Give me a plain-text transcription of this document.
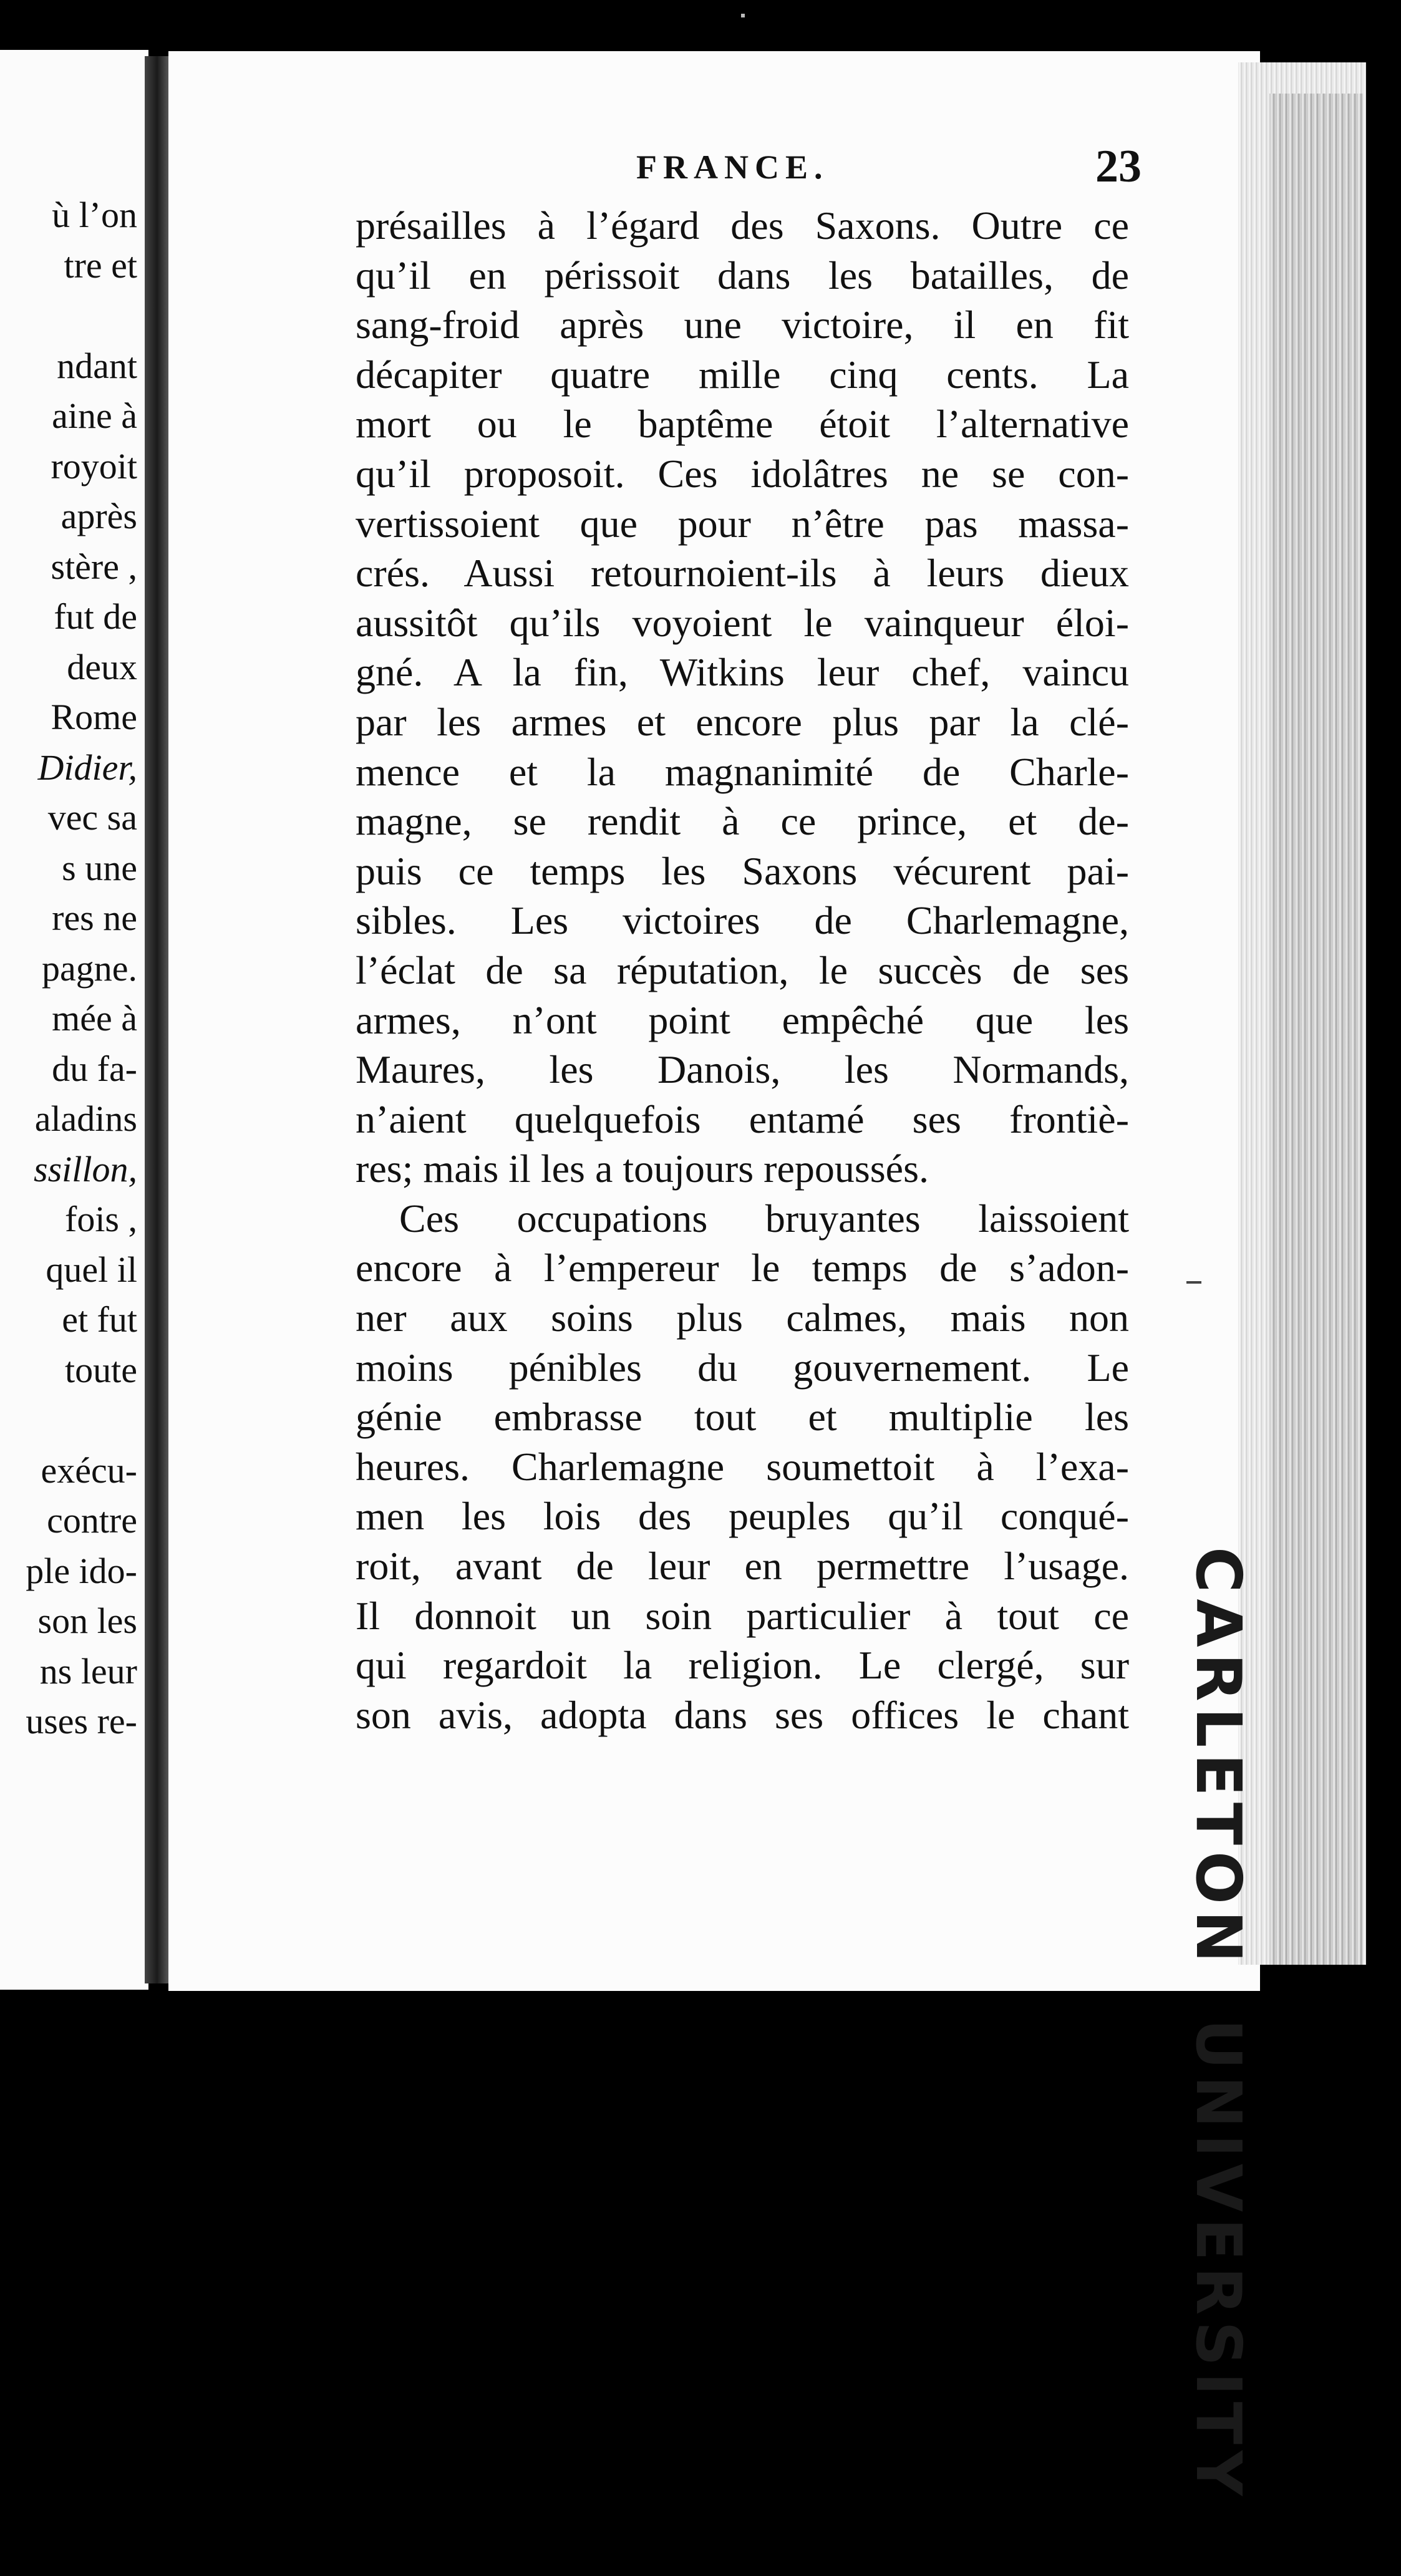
ù l’on
tre et
ndant
aine à
royoit
après
stère ,
fut de
deux
Rome
Didier,
vec sa
s une
res ne
pagne.
mée à
du fa-
aladins
ssillon,
fois ,
quel il
et fut
toute
exécu-
contre
ple ido-
son les
ns leur
uses re-
FRANCE.	23
présailles à l’égard des Saxons. Outre ce
qu’il en périssoit dans les batailles, de
sang-froid après une victoire, il en fit
décapiter quatre mille cinq cents. La
mort ou le baptême étoit l’alternative
qu’il proposoit. Ces idolâtres ne se con-
vertissoient que pour n’être pas massa-
crés. Aussi retournoient-ils à leurs dieux
aussitôt qu’ils voyoient le vainqueur éloi-
gné. A la fin, Witkins leur chef, vaincu
par les armes et encore plus par la clé-
mence et la magnanimité de Charle-
magne, se rendit à ce prince, et de-
puis ce temps les Saxons vécurent pai-
sibles. Les victoires de Charlemagne,
l’éclat de sa réputation, le succès de ses
armes, n’ont point empêché que les
Maures, les Danois, les Normands,
n’aient quelquefois entamé ses frontiè-
res; mais il les a toujours repoussés.
Ces occupations bruyantes laissoient
encore à l’empereur le temps de s’adon-
ner aux soins plus calmes, mais non
moins pénibles du gouvernement. Le
génie embrasse tout et multiplie les
heures. Charlemagne soumettoit à l’exa-
men les lois des peuples qu’il conqué-
roit, avant de leur en permettre l’usage.
Il donnoit un soin particulier à tout ce
qui regardoit la religion. Le clergé, sur
son avis, adopta dans ses offices le chant CARLETONUNIVERSITY
